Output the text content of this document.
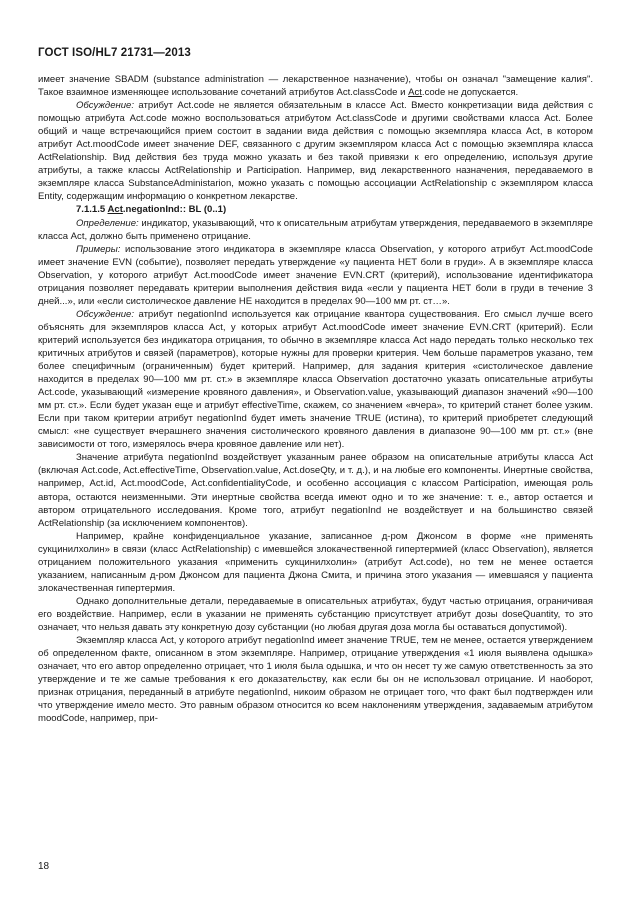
ГОСТ ISO/HL7 21731—2013

имеет значение SBADM (substance administration — лекарственное назначение), чтобы он означал "замещение калия". Такое взаимное изменяющее использование сочетаний атрибутов Act.classCode и Act.code не допускается.

Обсуждение: атрибут Act.code не является обязательным в классе Act. Вместо конкретизации вида действия с помощью атрибута Act.code можно воспользоваться атрибутом Act.classCode и другими свойствами класса Act. Более общий и чаще встречающийся прием состоит в задании вида действия с помощью экземпляра класса Act, в котором атрибут Act.moodCode имеет значение DEF, связанного с другим экземпляром класса Act с помощью экземпляра класса ActRelationship. Вид действия без труда можно указать и без такой привязки к его определению, используя другие атрибуты, а также классы ActRelationship и Participation. Например, вид лекарственного назначения, передаваемого в экземпляре класса SubstanceAdministarion, можно указать с помощью ассоциации ActRelationship с экземпляром класса Entity, содержащим информацию о конкретном лекарстве.

7.1.1.5 Act.negationInd:: BL (0..1)

Определение: индикатор, указывающий, что к описательным атрибутам утверждения, передаваемого в экземпляре класса Act, должно быть применено отрицание.

Примеры: использование этого индикатора в экземпляре класса Observation, у которого атрибут Act.moodCode имеет значение EVN (событие), позволяет передать утверждение «у пациента НЕТ боли в груди». А в экземпляре класса Observation, у которого атрибут Act.moodCode имеет значение EVN.CRT (критерий), использование идентификатора отрицания позволяет передавать критерии выполнения действия вида «если у пациента НЕТ боли в груди в течение 3 дней...», или «если систолическое давление НЕ находится в пределах 90—100 мм рт. ст…».

Обсуждение: атрибут negationInd используется как отрицание квантора существования. Его смысл лучше всего объяснять для экземпляров класса Act, у которых атрибут Act.moodCode имеет значение EVN.CRT (критерий). Если критерий используется без индикатора отрицания, то обычно в экземпляре класса Act надо передать только несколько тех критичных атрибутов и связей (параметров), которые нужны для проверки критерия. Чем больше параметров указано, тем более специфичным (ограниченным) будет критерий. Например, для задания критерия «систолическое давление находится в пределах 90—100 мм рт. ст.» в экземпляре класса Observation достаточно указать описательные атрибуты Act.code, указывающий «измерение кровяного давления», и Observation.value, указывающий диапазон значений «90—100 мм рт. ст.». Если будет указан еще и атрибут effectiveTime, скажем, со значением «вчера», то критерий станет более узким. Если при таком критерии атрибут negationInd будет иметь значение TRUE (истина), то критерий приобретет следующий смысл: «не существует вчерашнего значения систолического кровяного давления в диапазоне 90—100 мм рт. ст.» (вне зависимости от того, измерялось вчера кровяное давление или нет).

Значение атрибута negationInd воздействует указанным ранее образом на описательные атрибуты класса Act (включая Act.code, Act.effectiveTime, Observation.value, Act.doseQty, и т. д.), и на любые его компоненты. Инертные свойства, например, Act.id, Act.moodCode, Act.confidentialityCode, и особенно ассоциация с классом Participation, имеющая роль автора, остаются неизменными. Эти инертные свойства всегда имеют одно и то же значение: т. е., автор остается и автором отрицательного исследования. Кроме того, атрибут negationInd не воздействует и на большинство связей ActRelationship (за исключением компонентов).

Например, крайне конфиденциальное указание, записанное д-ром Джонсом в форме «не применять сукцинилхолин» в связи (класс ActRelationship) с имевшейся злокачественной гипертермией (класс Observation), является отрицанием положительного указания «применить сукцинилхолин» (атрибут Act.code), но тем не менее остается указанием, написанным д-ром Джонсом для пациента Джона Смита, и причина этого указания — имевшаяся у пациента злокачественная гипертермия.

Однако дополнительные детали, передаваемые в описательных атрибутах, будут частью отрицания, ограничивая его воздействие. Например, если в указании не применять субстанцию присутствует атрибут дозы doseQuantity, то это означает, что нельзя давать эту конкретную дозу субстанции (но любая другая доза могла бы оставаться допустимой).

Экземпляр класса Act, у которого атрибут negationInd имеет значение TRUE, тем не менее, остается утверждением об определенном факте, описанном в этом экземпляре. Например, отрицание утверждения «1 июля выявлена одышка» означает, что его автор определенно отрицает, что 1 июля была одышка, и что он несет ту же самую ответственность за это утверждение и те же самые требования к его доказательству, как если бы он не использовал отрицание. И наоборот, признак отрицания, переданный в атрибуте negationInd, никоим образом не отрицает того, что факт был подтвержден или что утверждение имело место. Это равным образом относится ко всем наклонениям утверждения, задаваемым атрибутом moodCode, например, при-

18
